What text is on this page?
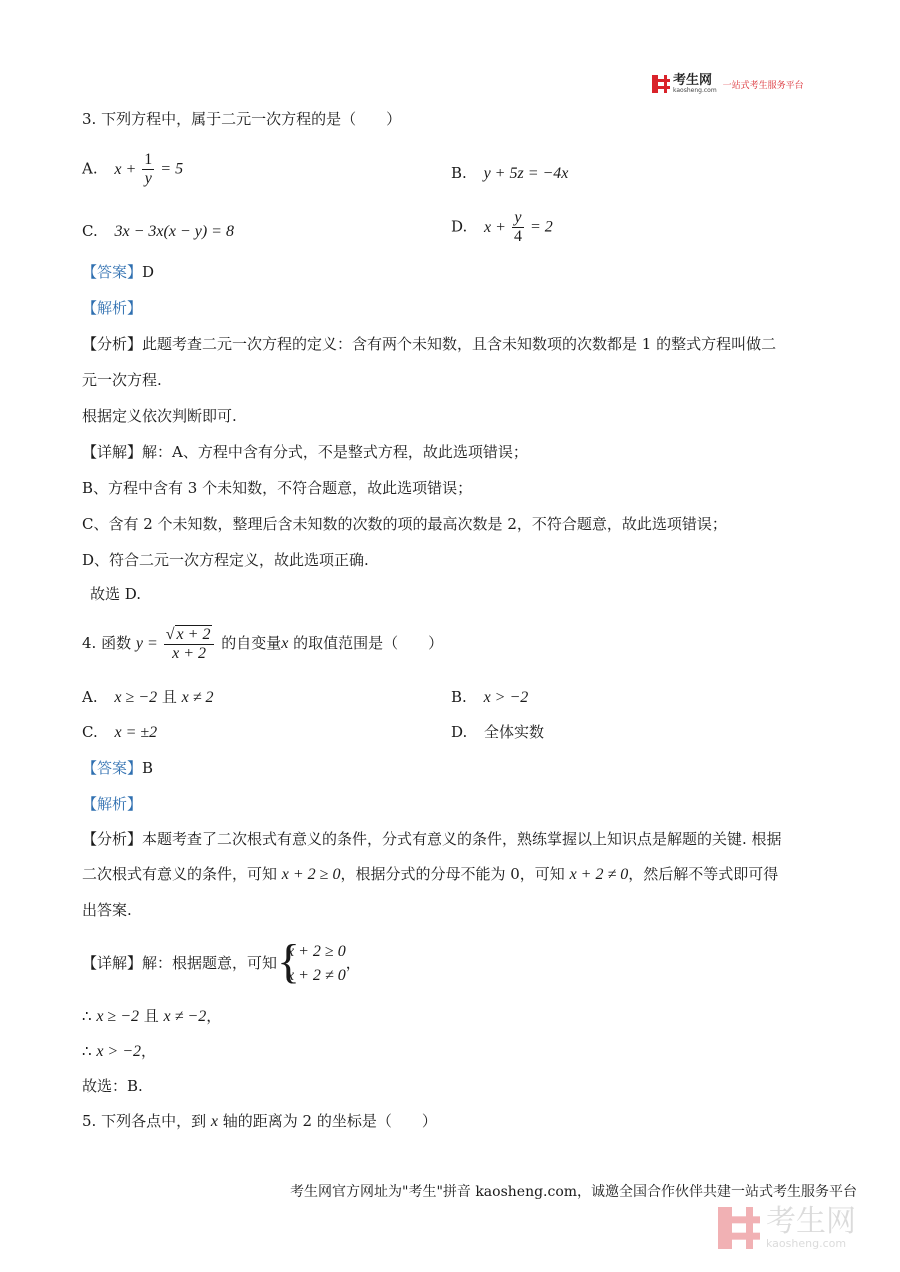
考生网
kaosheng.com 一站式考生服务平台
3. 下列方程中，属于二元一次方程的是（　　）
A. $x + \frac{1}{y} = 5$	B. y + 5z = −4x
C. 3x − 3x(x − y) = 8	D. $x + \frac{y}{4} = 2$
【答案】D
【解析】
【分析】此题考查二元一次方程的定义：含有两个未知数，且含未知数项的次数都是 1 的整式方程叫做二
元一次方程.
根据定义依次判断即可.
【详解】解：A、方程中含有分式，不是整式方程，故此选项错误；
B、方程中含有 3 个未知数，不符合题意，故此选项错误；
C、含有 2 个未知数，整理后含未知数的次数的项的最高次数是 2，不符合题意，故此选项错误；
D、符合二元一次方程定义，故此选项正确.
故选 D.
4. 函数 $y = \frac{√ x + 2}{x + 2}$ 的自变量x 的取值范围是（　　）
A. x ≥ −2 且 x ≠ 2	B. x > −2
C. x = ±2	D. 全体实数
【答案】B
【解析】
【分析】本题考查了二次根式有意义的条件，分式有意义的条件，熟练掌握以上知识点是解题的关键. 根据
二次根式有意义的条件，可知 x + 2 ≥ 0，根据分式的分母不能为 0，可知 x + 2 ≠ 0，然后解不等式即可得
出答案.
【详解】解：根据题意，可知 {
x + 2 ≥ 0
x + 2 ≠ 0
，
∴ x ≥ −2 且 x ≠ −2，
∴ x > −2，
故选：B.
5. 下列各点中，到 x 轴的距离为 2 的坐标是（　　）
考生网官方网址为"考生"拼音 kaosheng.com，诚邀全国合作伙伴共建一站式考生服务平台
考生网
kaosheng.com
